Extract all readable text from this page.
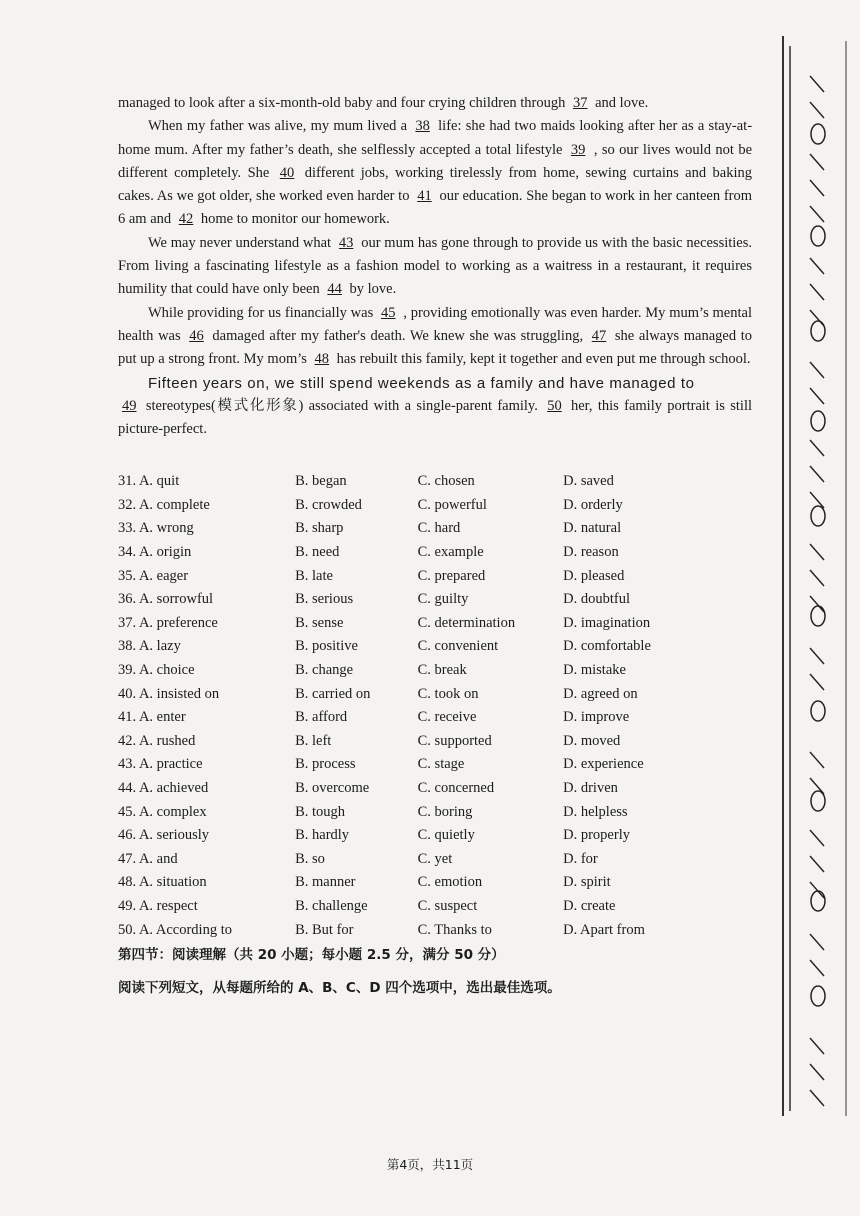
managed to look after a six-month-old baby and four crying children through 37 and love.

When my father was alive, my mum lived a 38 life: she had two maids looking after her as a stay-at-home mum. After my father’s death, she selflessly accepted a total lifestyle 39 , so our lives would not be different completely. She 40 different jobs, working tirelessly from home, sewing curtains and baking cakes. As we got older, she worked even harder to 41 our education. She began to work in her canteen from 6 am and 42 home to monitor our homework.

We may never understand what 43 our mum has gone through to provide us with the basic necessities. From living a fascinating lifestyle as a fashion model to working as a waitress in a restaurant, it requires humility that could have only been 44 by love.

While providing for us financially was 45 , providing emotionally was even harder. My mum’s mental health was 46 damaged after my father's death. We knew she was struggling, 47 she always managed to put up a strong front. My mom’s 48 has rebuilt this family, kept it together and even put me through school.

Fifteen years on, we still spend weekends as a family and have managed to

49 stereotypes(模式化形象) associated with a single-parent family. 50 her, this family portrait is still picture-perfect.

31. A. quit	B. began	C. chosen	D. saved
32. A. complete	B. crowded	C. powerful	D. orderly
33. A. wrong	B. sharp	C. hard	D. natural
34. A. origin	B. need	C. example	D. reason
35. A. eager	B. late	C. prepared	D. pleased
36. A. sorrowful	B. serious	C. guilty	D. doubtful
37. A. preference	B. sense	C. determination	D. imagination
38. A. lazy	B. positive	C. convenient	D. comfortable
39. A. choice	B. change	C. break	D. mistake
40. A. insisted on	B. carried on	C. took on	D. agreed on
41. A. enter	B. afford	C. receive	D. improve
42. A. rushed	B. left	C. supported	D. moved
43. A. practice	B. process	C. stage	D. experience
44. A. achieved	B. overcome	C. concerned	D. driven
45. A. complex	B. tough	C. boring	D. helpless
46. A. seriously	B. hardly	C. quietly	D. properly
47. A. and	B. so	C. yet	D. for
48. A. situation	B. manner	C. emotion	D. spirit
49. A. respect	B. challenge	C. suspect	D. create
50. A. According to	B. But for	C. Thanks to	D. Apart from
第四节：阅读理解（共 20 小题；每小题 2.5 分，满分 50 分）
阅读下列短文，从每题所给的 A、B、C、D 四个选项中，选出最佳选项。
第4页，共11页
